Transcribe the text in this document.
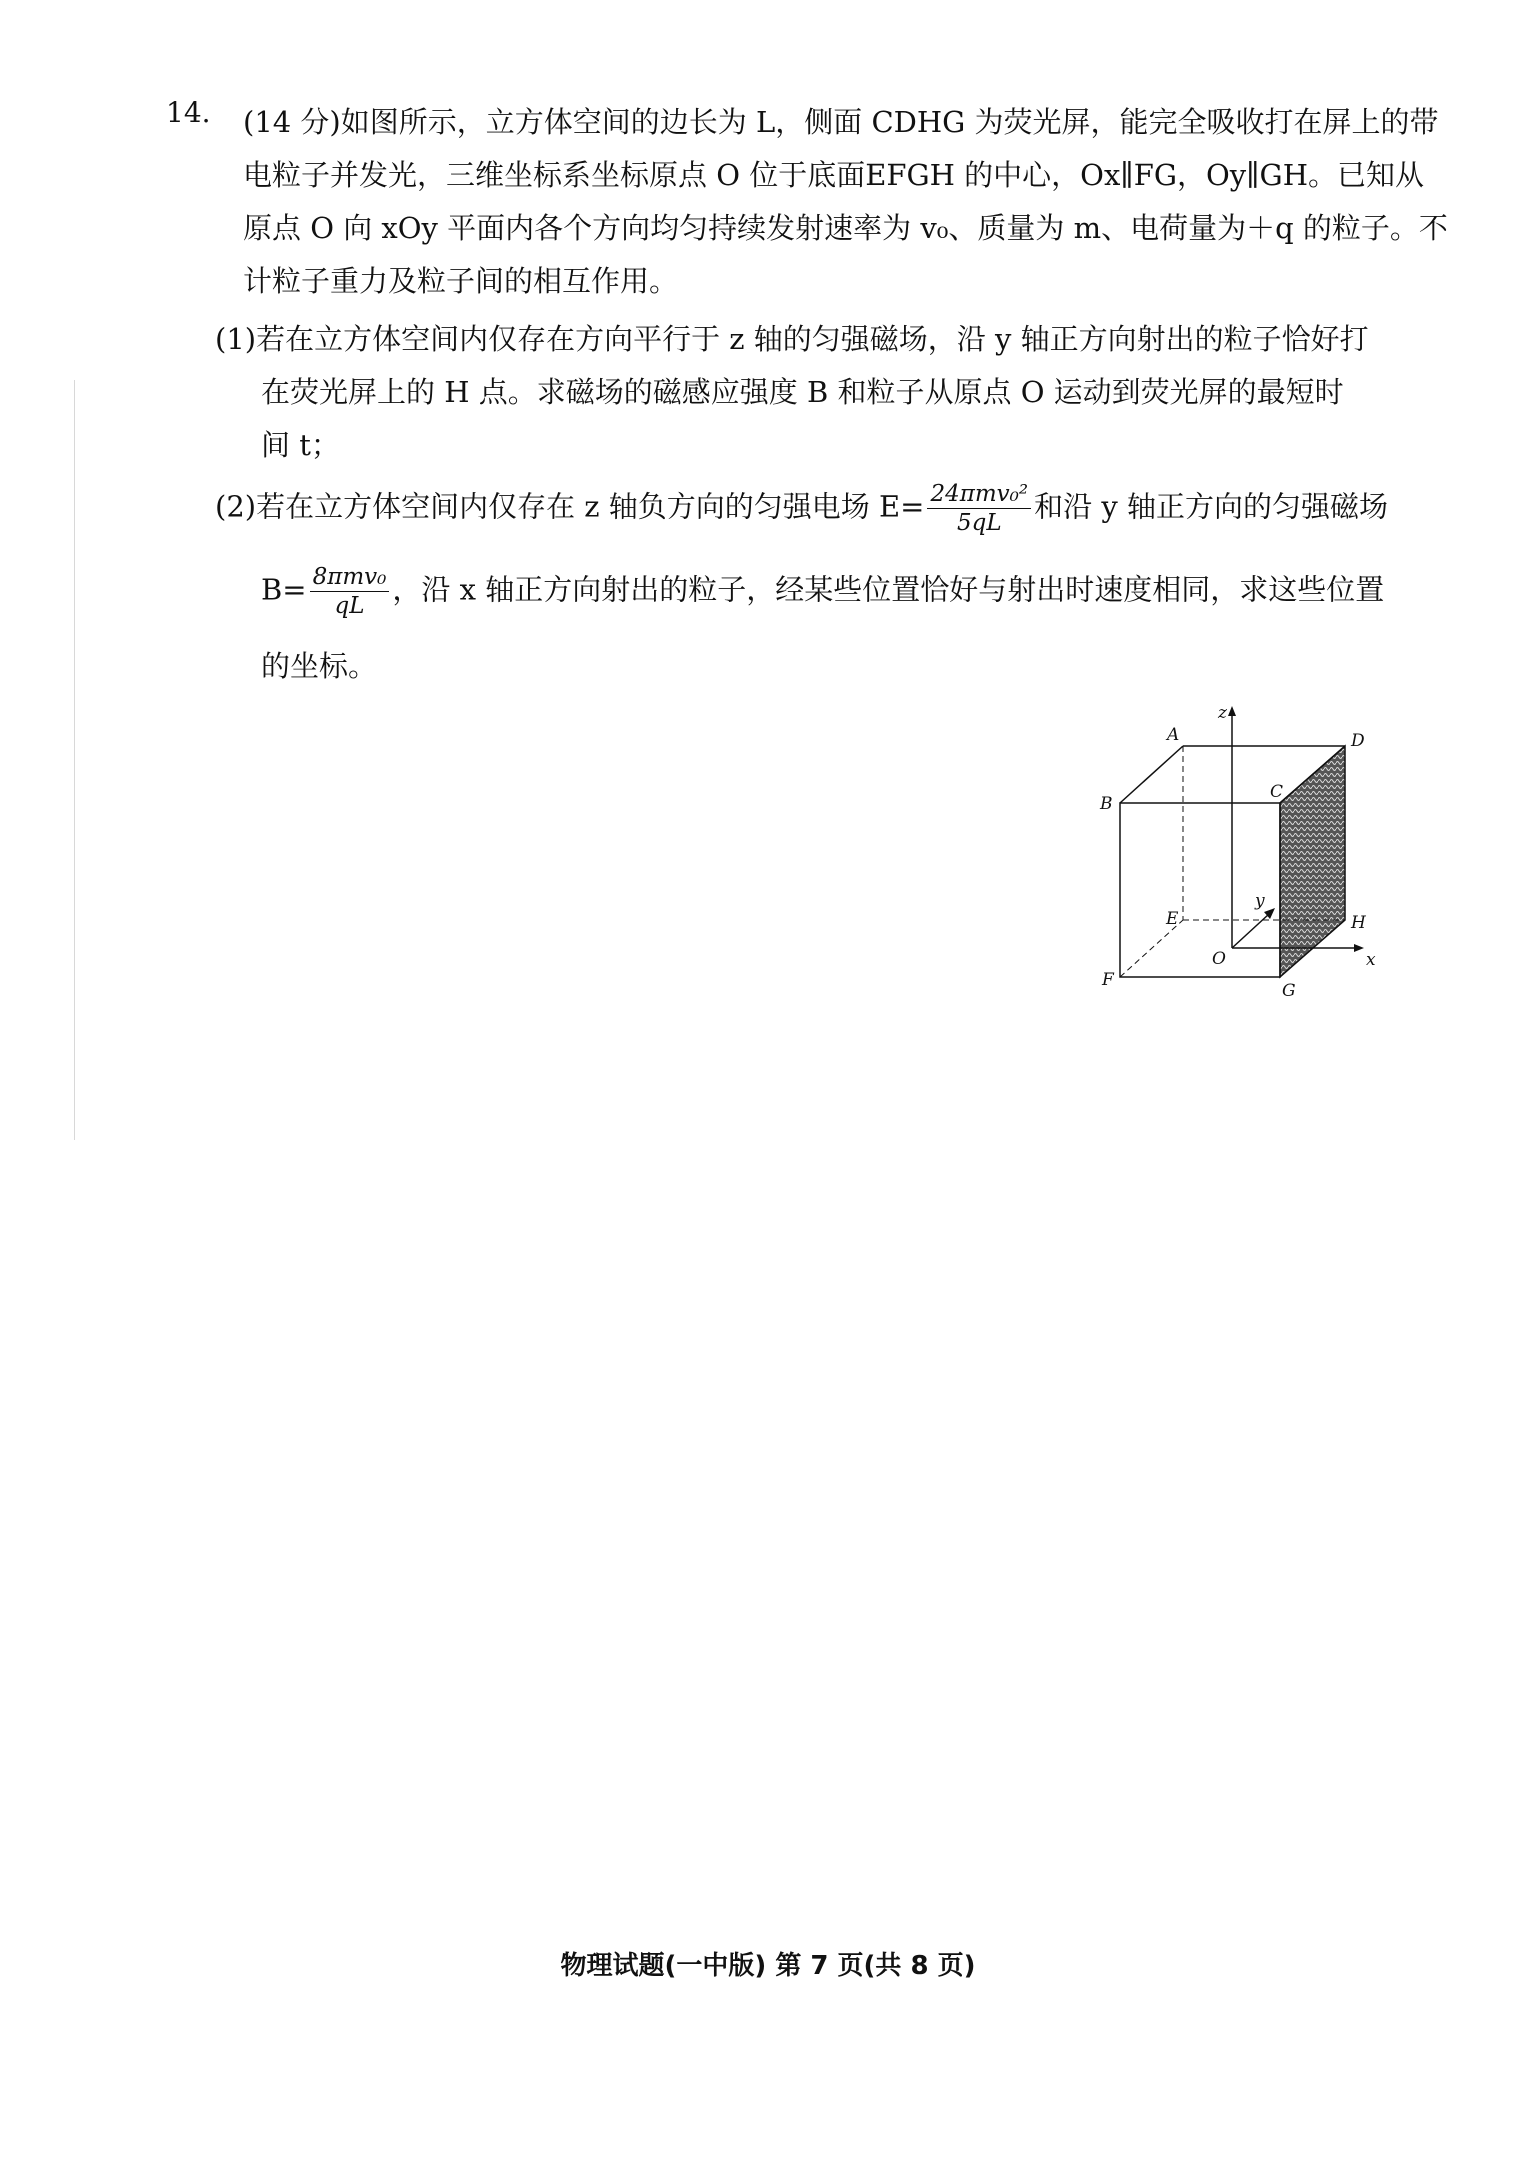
14. (14 分)如图所示，立方体空间的边长为 L，侧面 CDHG 为荧光屏，能完全吸收打在屏上的带
电粒子并发光，三维坐标系坐标原点 O 位于底面EFGH 的中心，Ox∥FG，Oy∥GH。已知从
原点 O 向 xOy 平面内各个方向均匀持续发射速率为 v₀、质量为 m、电荷量为＋q 的粒子。不
计粒子重力及粒子间的相互作用。
(1)若在立方体空间内仅存在方向平行于 z 轴的匀强磁场，沿 y 轴正方向射出的粒子恰好打
在荧光屏上的 H 点。求磁场的磁感应强度 B 和粒子从原点 O 运动到荧光屏的最短时
间 t；
(2)若在立方体空间内仅存在 z 轴负方向的匀强电场 $E= \frac{\text{24πmv₀²}}{5qL}$ 和沿 y 轴正方向的匀强磁场
$B= \frac{\text{8πmv₀}}{qL}$ ，沿 x 轴正方向射出的粒子，经某些位置恰好与射出时速度相同，求这些位置
的坐标。
A
B
C
D
E
F
G
H
O	x
y
z
物理试题(一中版) 第 7 页(共 8 页)
